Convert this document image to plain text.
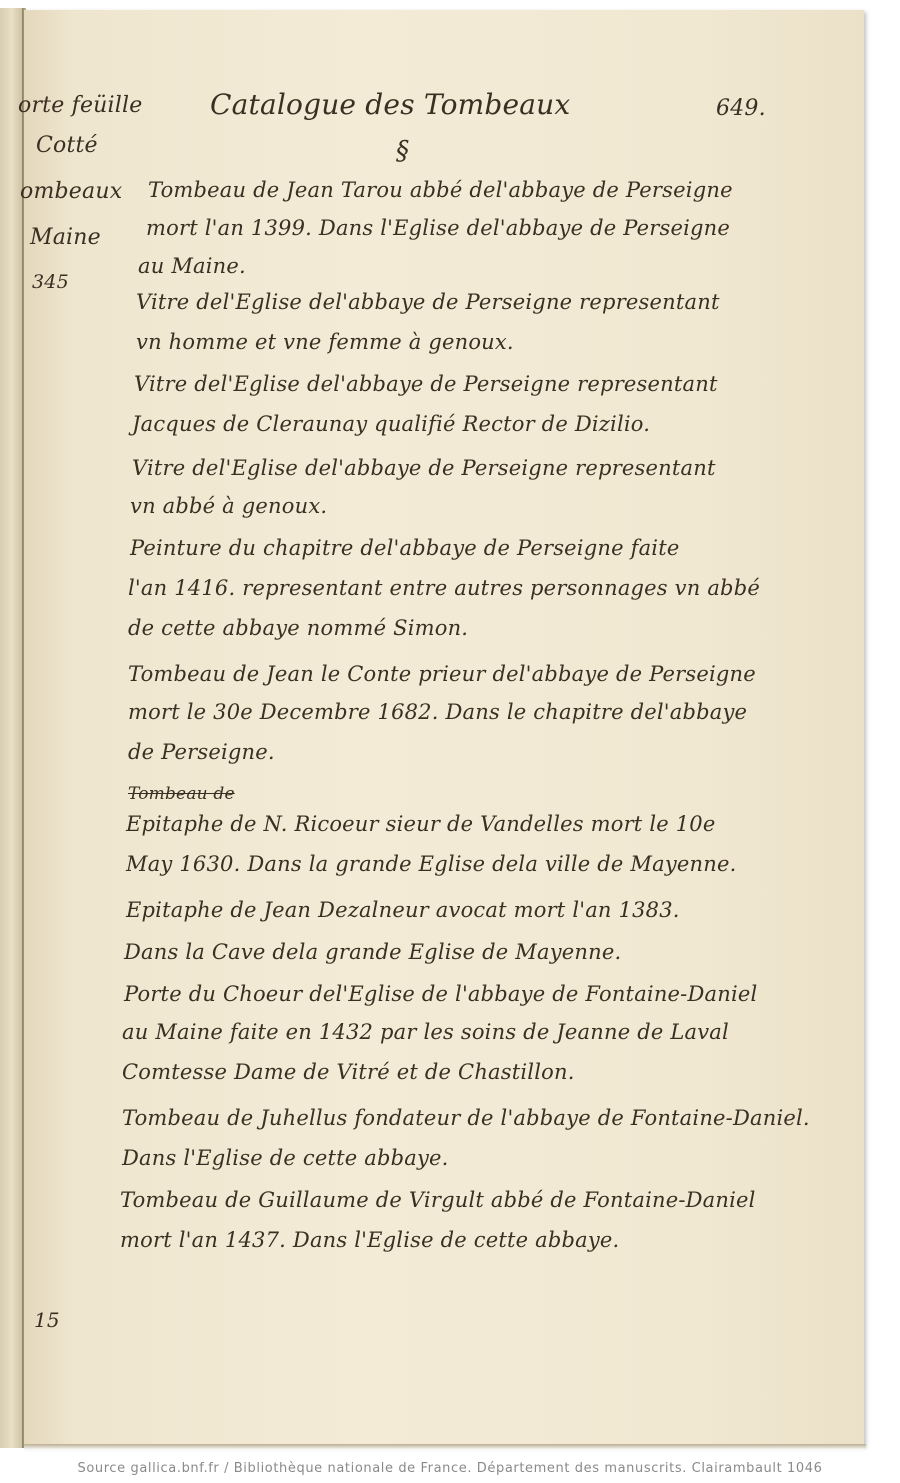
orte feüille
Cotté
ombeaux
Maine
345
Catalogue des Tombeaux	649.
§
Tombeau de Jean Tarou abbé del'abbaye de Perseigne
mort l'an 1399. Dans l'Eglise del'abbaye de Perseigne
au Maine.
Vitre del'Eglise del'abbaye de Perseigne representant
vn homme et vne femme à genoux.
Vitre del'Eglise del'abbaye de Perseigne representant
Jacques de Cleraunay qualifié Rector de Dizilio.
Vitre del'Eglise del'abbaye de Perseigne representant
vn abbé à genoux.
Peinture du chapitre del'abbaye de Perseigne faite
l'an 1416. representant entre autres personnages vn abbé
de cette abbaye nommé Simon.
Tombeau de Jean le Conte prieur del'abbaye de Perseigne
mort le 30e Decembre 1682. Dans le chapitre del'abbaye
de Perseigne.
Tombeau de
Epitaphe de N. Ricoeur sieur de Vandelles mort le 10e
May 1630. Dans la grande Eglise dela ville de Mayenne.
Epitaphe de Jean Dezalneur avocat mort l'an 1383.
Dans la Cave dela grande Eglise de Mayenne.
Porte du Choeur del'Eglise de l'abbaye de Fontaine-Daniel
au Maine faite en 1432 par les soins de Jeanne de Laval
Comtesse Dame de Vitré et de Chastillon.
Tombeau de Juhellus fondateur de l'abbaye de Fontaine-Daniel.
Dans l'Eglise de cette abbaye.
Tombeau de Guillaume de Virgult abbé de Fontaine-Daniel
mort l'an 1437. Dans l'Eglise de cette abbaye.
15
Source gallica.bnf.fr / Bibliothèque nationale de France. Département des manuscrits. Clairambault 1046
